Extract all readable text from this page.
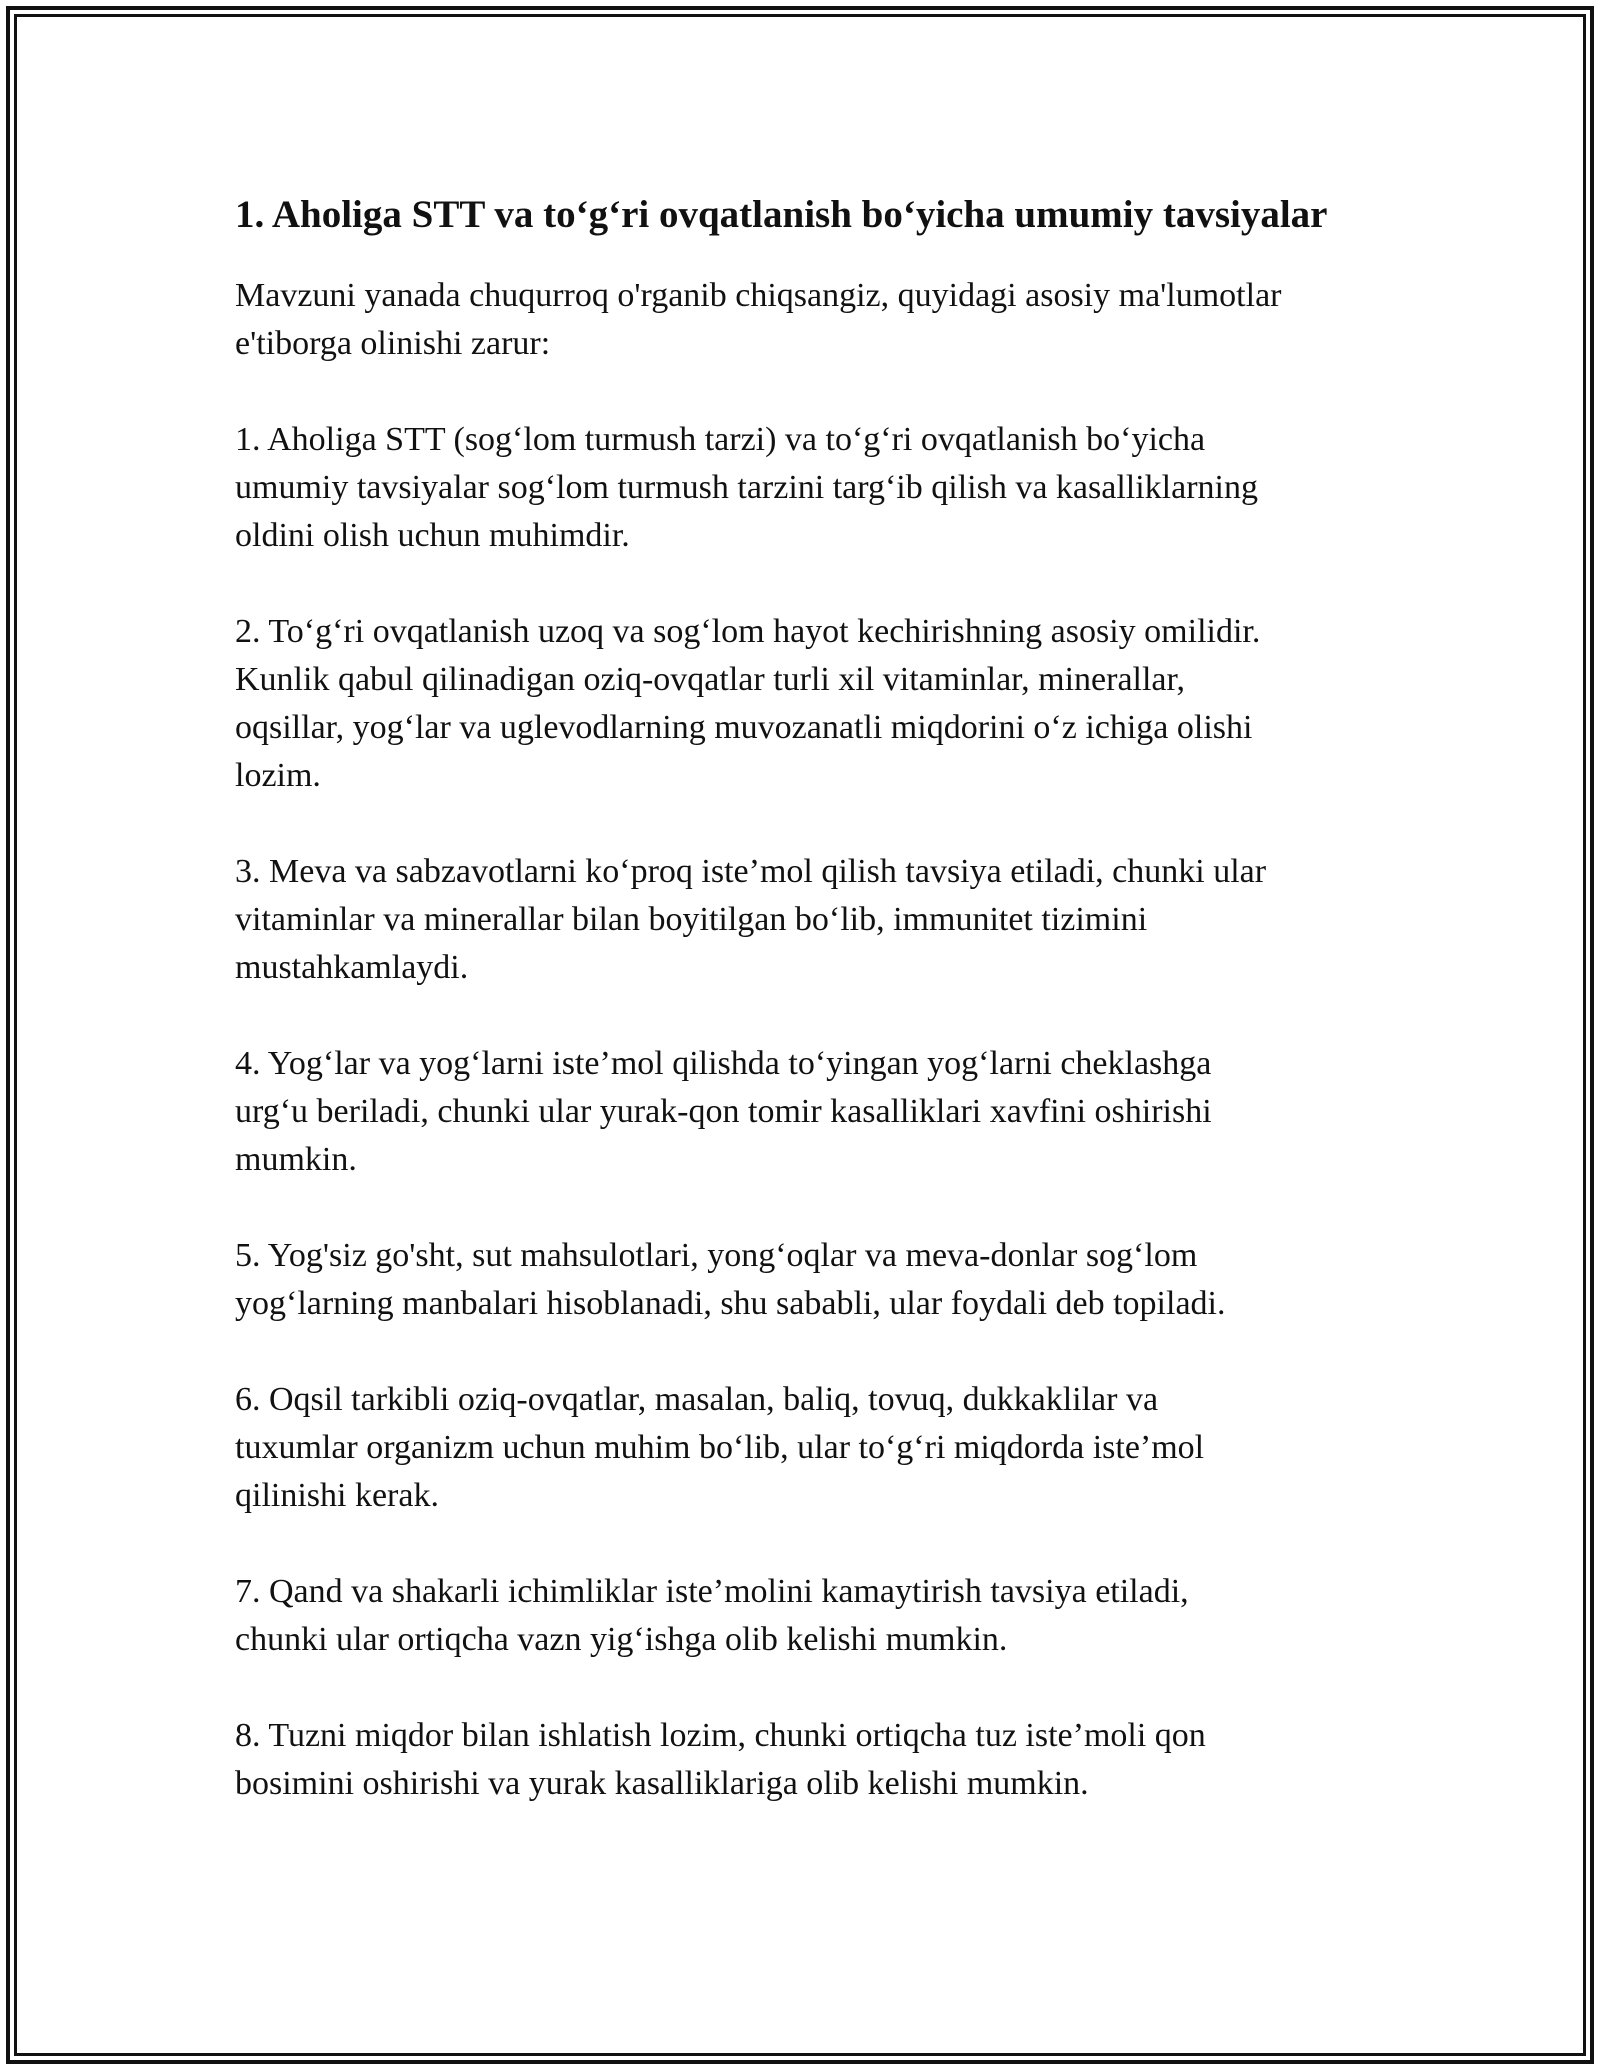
1. Aholiga STT va to‘g‘ri ovqatlanish bo‘yicha umumiy tavsiyalar

Mavzuni yanada chuqurroq o'rganib chiqsangiz, quyidagi asosiy ma'lumotlar
e'tiborga olinishi zarur:

1. Aholiga STT (sog‘lom turmush tarzi) va to‘g‘ri ovqatlanish bo‘yicha
umumiy tavsiyalar sog‘lom turmush tarzini targ‘ib qilish va kasalliklarning
oldini olish uchun muhimdir.
2. To‘g‘ri ovqatlanish uzoq va sog‘lom hayot kechirishning asosiy omilidir.
Kunlik qabul qilinadigan oziq-ovqatlar turli xil vitaminlar, minerallar,
oqsillar, yog‘lar va uglevodlarning muvozanatli miqdorini o‘z ichiga olishi
lozim.
3. Meva va sabzavotlarni ko‘proq iste’mol qilish tavsiya etiladi, chunki ular
vitaminlar va minerallar bilan boyitilgan bo‘lib, immunitet tizimini
mustahkamlaydi.
4. Yog‘lar va yog‘larni iste’mol qilishda to‘yingan yog‘larni cheklashga
urg‘u beriladi, chunki ular yurak-qon tomir kasalliklari xavfini oshirishi
mumkin.
5. Yog'siz go'sht, sut mahsulotlari, yong‘oqlar va meva-donlar sog‘lom
yog‘larning manbalari hisoblanadi, shu sababli, ular foydali deb topiladi.
6. Oqsil tarkibli oziq-ovqatlar, masalan, baliq, tovuq, dukkaklilar va
tuxumlar organizm uchun muhim bo‘lib, ular to‘g‘ri miqdorda iste’mol
qilinishi kerak.
7. Qand va shakarli ichimliklar iste’molini kamaytirish tavsiya etiladi,
chunki ular ortiqcha vazn yig‘ishga olib kelishi mumkin.
8. Tuzni miqdor bilan ishlatish lozim, chunki ortiqcha tuz iste’moli qon
bosimini oshirishi va yurak kasalliklariga olib kelishi mumkin.
